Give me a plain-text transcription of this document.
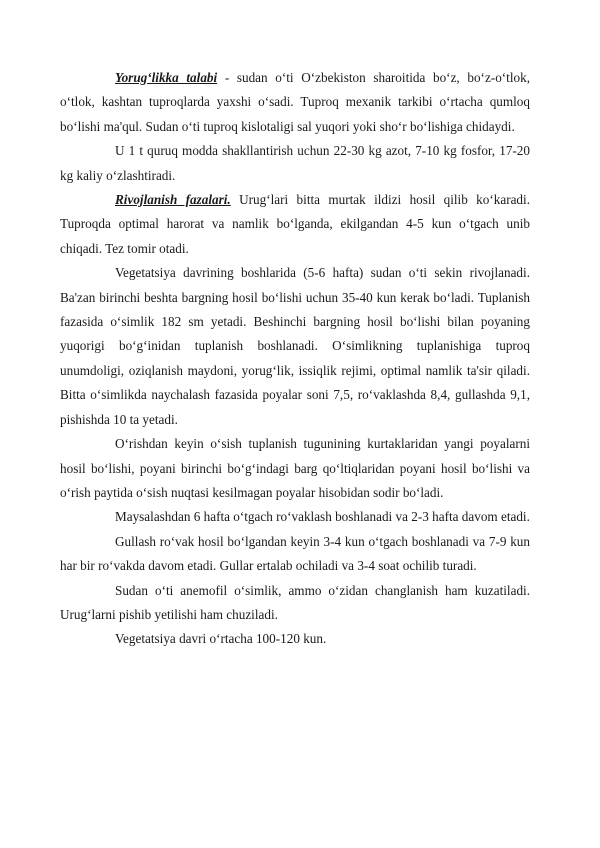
Yorug‘likka talabi - sudan o‘ti O‘zbekiston sharoitida bo‘z, bo‘z-o‘tlok, o‘tlok, kashtan tuproqlarda yaxshi o‘sadi. Tuproq mexanik tarkibi o‘rtacha qumloq bo‘lishi ma'qul. Sudan o‘ti tuproq kislotaligi sal yuqori yoki sho‘r bo‘lishiga chidaydi.

U 1 t quruq modda shakllantirish uchun 22-30 kg azot, 7-10 kg fosfor, 17-20 kg kaliy o‘zlashtiradi.

Rivojlanish fazalari. Urug‘lari bitta murtak ildizi hosil qilib ko‘karadi. Tuproqda optimal harorat va namlik bo‘lganda, ekilgandan 4-5 kun o‘tgach unib chiqadi. Tez tomir otadi.

Vegetatsiya davrining boshlarida (5-6 hafta) sudan o‘ti sekin rivojlanadi. Ba'zan birinchi beshta bargning hosil bo‘lishi uchun 35-40 kun kerak bo‘ladi. Tuplanish fazasida o‘simlik 182 sm yetadi. Beshinchi bargning hosil bo‘lishi bilan poyaning yuqorigi bo‘g‘inidan tuplanish boshlanadi. O‘simlikning tuplanishiga tuproq unumdoligi, oziqlanish maydoni, yorug‘lik, issiqlik rejimi, optimal namlik ta'sir qiladi. Bitta o‘simlikda naychalash fazasida poyalar soni 7,5, ro‘vaklashda 8,4, gullashda 9,1, pishishda 10 ta yetadi.

O‘rishdan keyin o‘sish tuplanish tugunining kurtaklaridan yangi poyalarni hosil bo‘lishi, poyani birinchi bo‘g‘indagi barg qo‘ltiqlaridan poyani hosil bo‘lishi va o‘rish paytida o‘sish nuqtasi kesilmagan poyalar hisobidan sodir bo‘ladi.

Maysalashdan 6 hafta o‘tgach ro‘vaklash boshlanadi va 2-3 hafta davom etadi.

Gullash ro‘vak hosil bo‘lgandan keyin 3-4 kun o‘tgach boshlanadi va 7-9 kun har bir ro‘vakda davom etadi. Gullar ertalab ochiladi va 3-4 soat ochilib turadi.

Sudan o‘ti anemofil o‘simlik, ammo o‘zidan changlanish ham kuzatiladi. Urug‘larni pishib yetilishi ham chuziladi.

Vegetatsiya davri o‘rtacha 100-120 kun.
